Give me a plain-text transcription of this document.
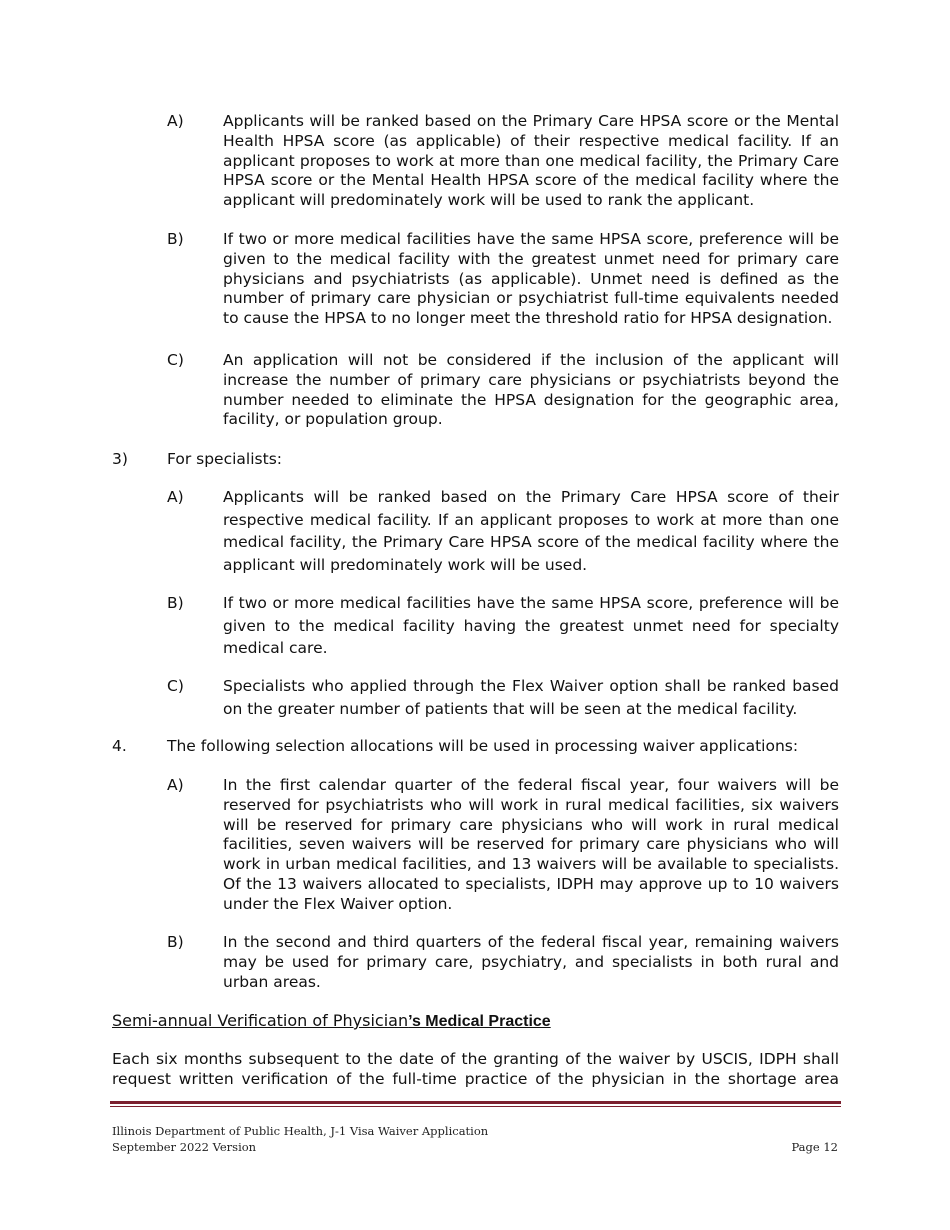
A)	Applicants will be ranked based on the Primary Care HPSA score or the Mental Health HPSA score (as applicable) of their respective medical facility. If an applicant proposes to work at more than one medical facility, the Primary Care HPSA score or the Mental Health HPSA score of the medical facility where the applicant will predominately work will be used to rank the applicant.
B)	If two or more medical facilities have the same HPSA score, preference will be given to the medical facility with the greatest unmet need for primary care physicians and psychiatrists (as applicable). Unmet need is defined as the number of primary care physician or psychiatrist full-time equivalents needed to cause the HPSA to no longer meet the threshold ratio for HPSA designation.
C)	An application will not be considered if the inclusion of the applicant will increase the number of primary care physicians or psychiatrists beyond the number needed to eliminate the HPSA designation for the geographic area, facility, or population group.
3)	For specialists:
A)	Applicants will be ranked based on the Primary Care HPSA score of their respective medical facility. If an applicant proposes to work at more than one medical facility, the Primary Care HPSA score of the medical facility where the applicant will predominately work will be used.
B)	If two or more medical facilities have the same HPSA score, preference will be given to the medical facility having the greatest unmet need for specialty medical care.
C)	Specialists who applied through the Flex Waiver option shall be ranked based on the greater number of patients that will be seen at the medical facility.
4.	The following selection allocations will be used in processing waiver applications:
A)	In the first calendar quarter of the federal fiscal year, four waivers will be reserved for psychiatrists who will work in rural medical facilities, six waivers will be reserved for primary care physicians who will work in rural medical facilities, seven waivers will be reserved for primary care physicians who will work in urban medical facilities, and 13 waivers will be available to specialists. Of the 13 waivers allocated to specialists, IDPH may approve up to 10 waivers under the Flex Waiver option.
B)	In the second and third quarters of the federal fiscal year, remaining waivers may be used for primary care, psychiatry, and specialists in both rural and urban areas.
Semi-annual Verification of Physician’s Medical Practice
Each six months subsequent to the date of the granting of the waiver by USCIS, IDPH shall request written verification of the full-time practice of the physician in the shortage area
Illinois Department of Public Health, J-1 Visa Waiver Application
September 2022 Version	Page 12
